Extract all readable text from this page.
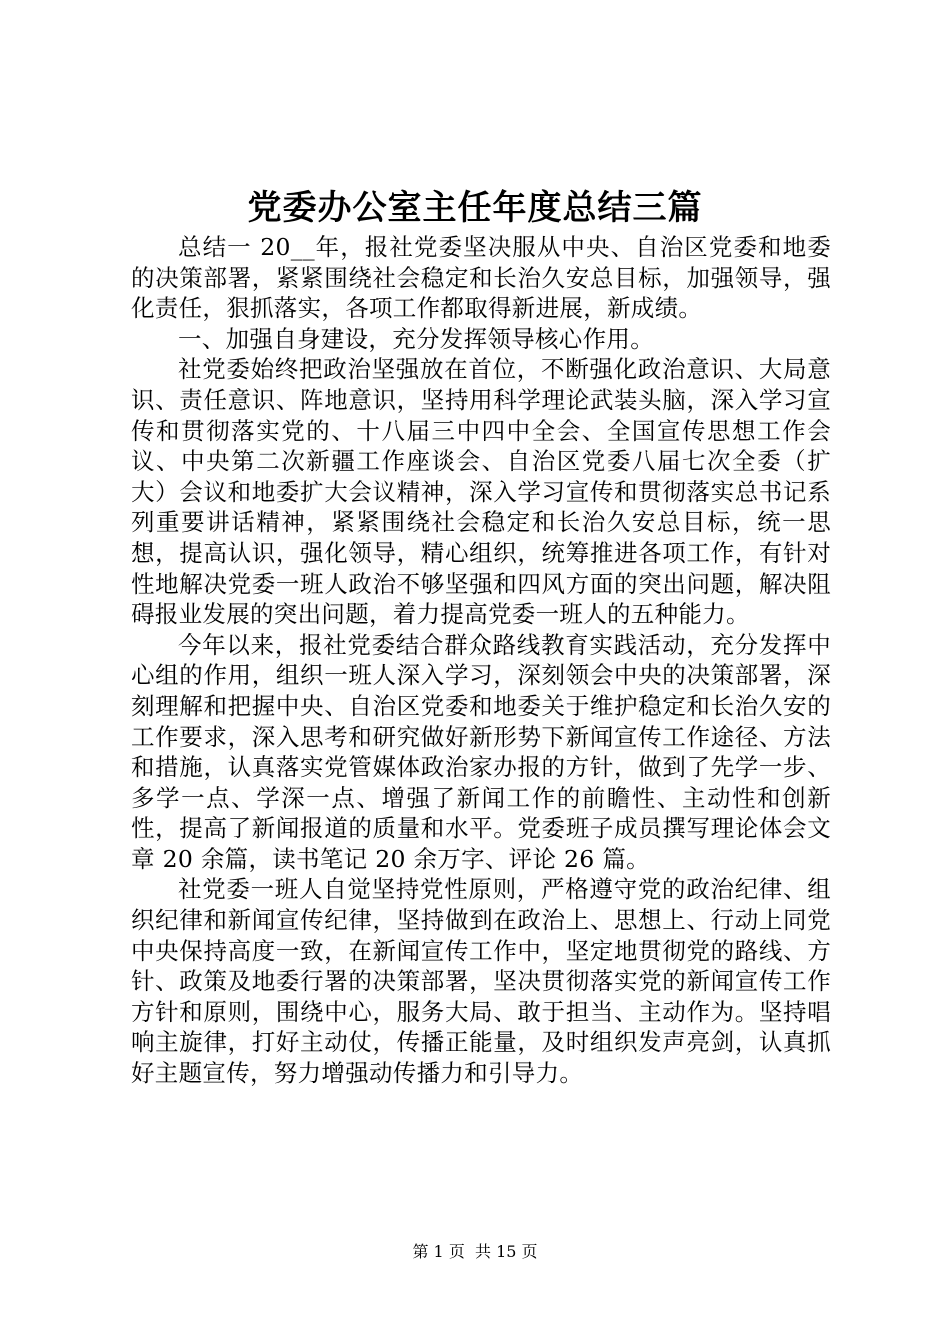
党委办公室主任年度总结三篇

总结一 20__年，报社党委坚决服从中央、自治区党委和地委的决策部署，紧紧围绕社会稳定和长治久安总目标，加强领导，强化责任，狠抓落实，各项工作都取得新进展，新成绩。

一、加强自身建设，充分发挥领导核心作用。

社党委始终把政治坚强放在首位，不断强化政治意识、大局意识、责任意识、阵地意识，坚持用科学理论武装头脑，深入学习宣传和贯彻落实党的、十八届三中四中全会、全国宣传思想工作会议、中央第二次新疆工作座谈会、自治区党委八届七次全委（扩大）会议和地委扩大会议精神，深入学习宣传和贯彻落实总书记系列重要讲话精神，紧紧围绕社会稳定和长治久安总目标，统一思想，提高认识，强化领导，精心组织，统筹推进各项工作，有针对性地解决党委一班人政治不够坚强和四风方面的突出问题，解决阻碍报业发展的突出问题，着力提高党委一班人的五种能力。

今年以来，报社党委结合群众路线教育实践活动，充分发挥中心组的作用，组织一班人深入学习，深刻领会中央的决策部署，深刻理解和把握中央、自治区党委和地委关于维护稳定和长治久安的工作要求，深入思考和研究做好新形势下新闻宣传工作途径、方法和措施，认真落实党管媒体政治家办报的方针，做到了先学一步、多学一点、学深一点、增强了新闻工作的前瞻性、主动性和创新性，提高了新闻报道的质量和水平。党委班子成员撰写理论体会文章 20 余篇，读书笔记 20 余万字、评论 26 篇。

社党委一班人自觉坚持党性原则，严格遵守党的政治纪律、组织纪律和新闻宣传纪律，坚持做到在政治上、思想上、行动上同党中央保持高度一致，在新闻宣传工作中，坚定地贯彻党的路线、方针、政策及地委行署的决策部署，坚决贯彻落实党的新闻宣传工作方针和原则，围绕中心，服务大局、敢于担当、主动作为。坚持唱响主旋律，打好主动仗，传播正能量，及时组织发声亮剑，认真抓好主题宣传，努力增强动传播力和引导力。

第 1 页  共 15 页
